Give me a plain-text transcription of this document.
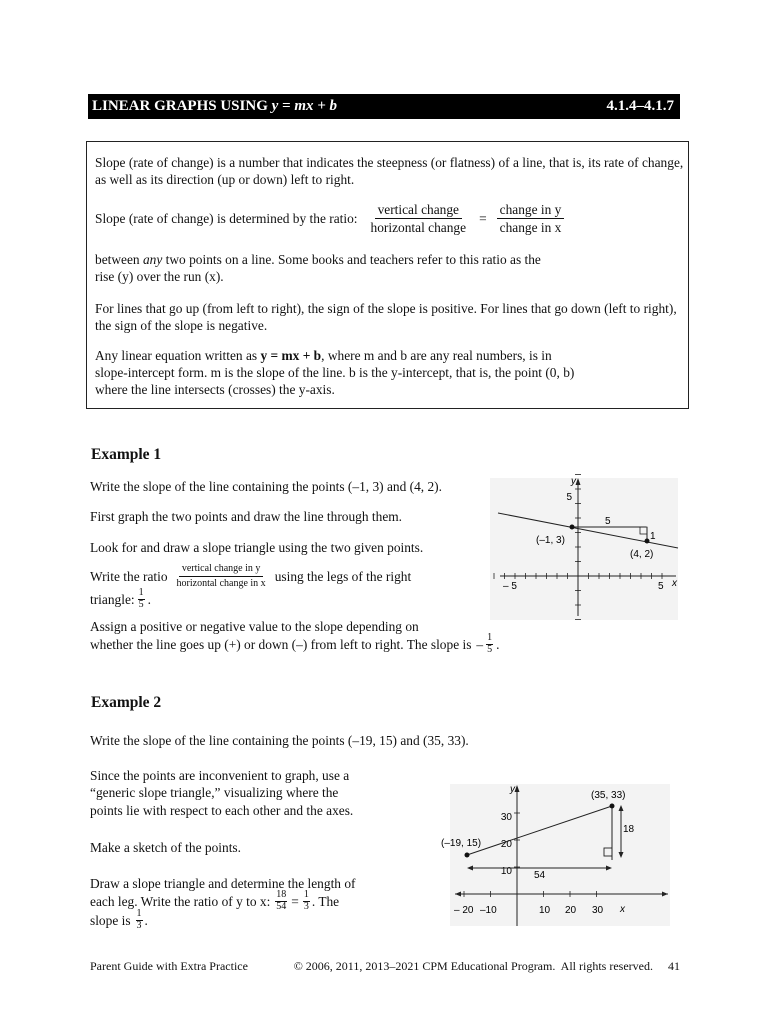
LINEAR GRAPHS USING y = mx + b	4.1.4–4.1.7

Slope (rate of change) is a number that indicates the steepness (or flatness) of a line, that is, its rate of change, as well as its direction (up or down) left to right.

Slope (rate of change) is determined by the ratio: $\frac{\text{vertical change}}{\text{horizontal change}} = \frac{\text{change in y}}{\text{change in x}}$

between any two points on a line. Some books and teachers refer to this ratio as the
rise (y) over the run (x).

For lines that go up (from left to right), the sign of the slope is positive. For lines that go down (left to right), the sign of the slope is negative.

Any linear equation written as y = mx + b, where m and b are any real numbers, is in
slope-intercept form. m is the slope of the line. b is the y-intercept, that is, the point (0, b)
where the line intersects (crosses) the y-axis.

Example 1
Write the slope of the line containing the points (–1, 3) and (4, 2).
First graph the two points and draw the line through them.
Look for and draw a slope triangle using the two given points.
Write the ratio $\frac{\text{vertical change in y}}{\text{horizontal change in x}}$ using the legs of the right
triangle: $\frac{1}{5}$ .
Assign a positive or negative value to the slope depending on
whether the line goes up (+) or down (–) from left to right. The slope is – $\frac{1}{5}$ .
y
x
5
– 5	5
(–1, 3)
(4, 2)
5
1
Example 2
Write the slope of the line containing the points (–19, 15) and (35, 33).
Since the points are inconvenient to graph, use a
“generic slope triangle,” visualizing where the
points lie with respect to each other and the axes.
Make a sketch of the points.
Draw a slope triangle and determine the length of
each leg. Write the ratio of y to x: $\frac{18}{54} = \frac{1}{3}$ . The
slope is $\frac{1}{3}$ .
y
x
30
20
10
– 20 –10	10 20 30
(–19, 15)
(35, 33)
54
18
Parent Guide with Extra Practice	© 2006, 2011, 2013–2021 CPM Educational Program.  All rights reserved.     41
